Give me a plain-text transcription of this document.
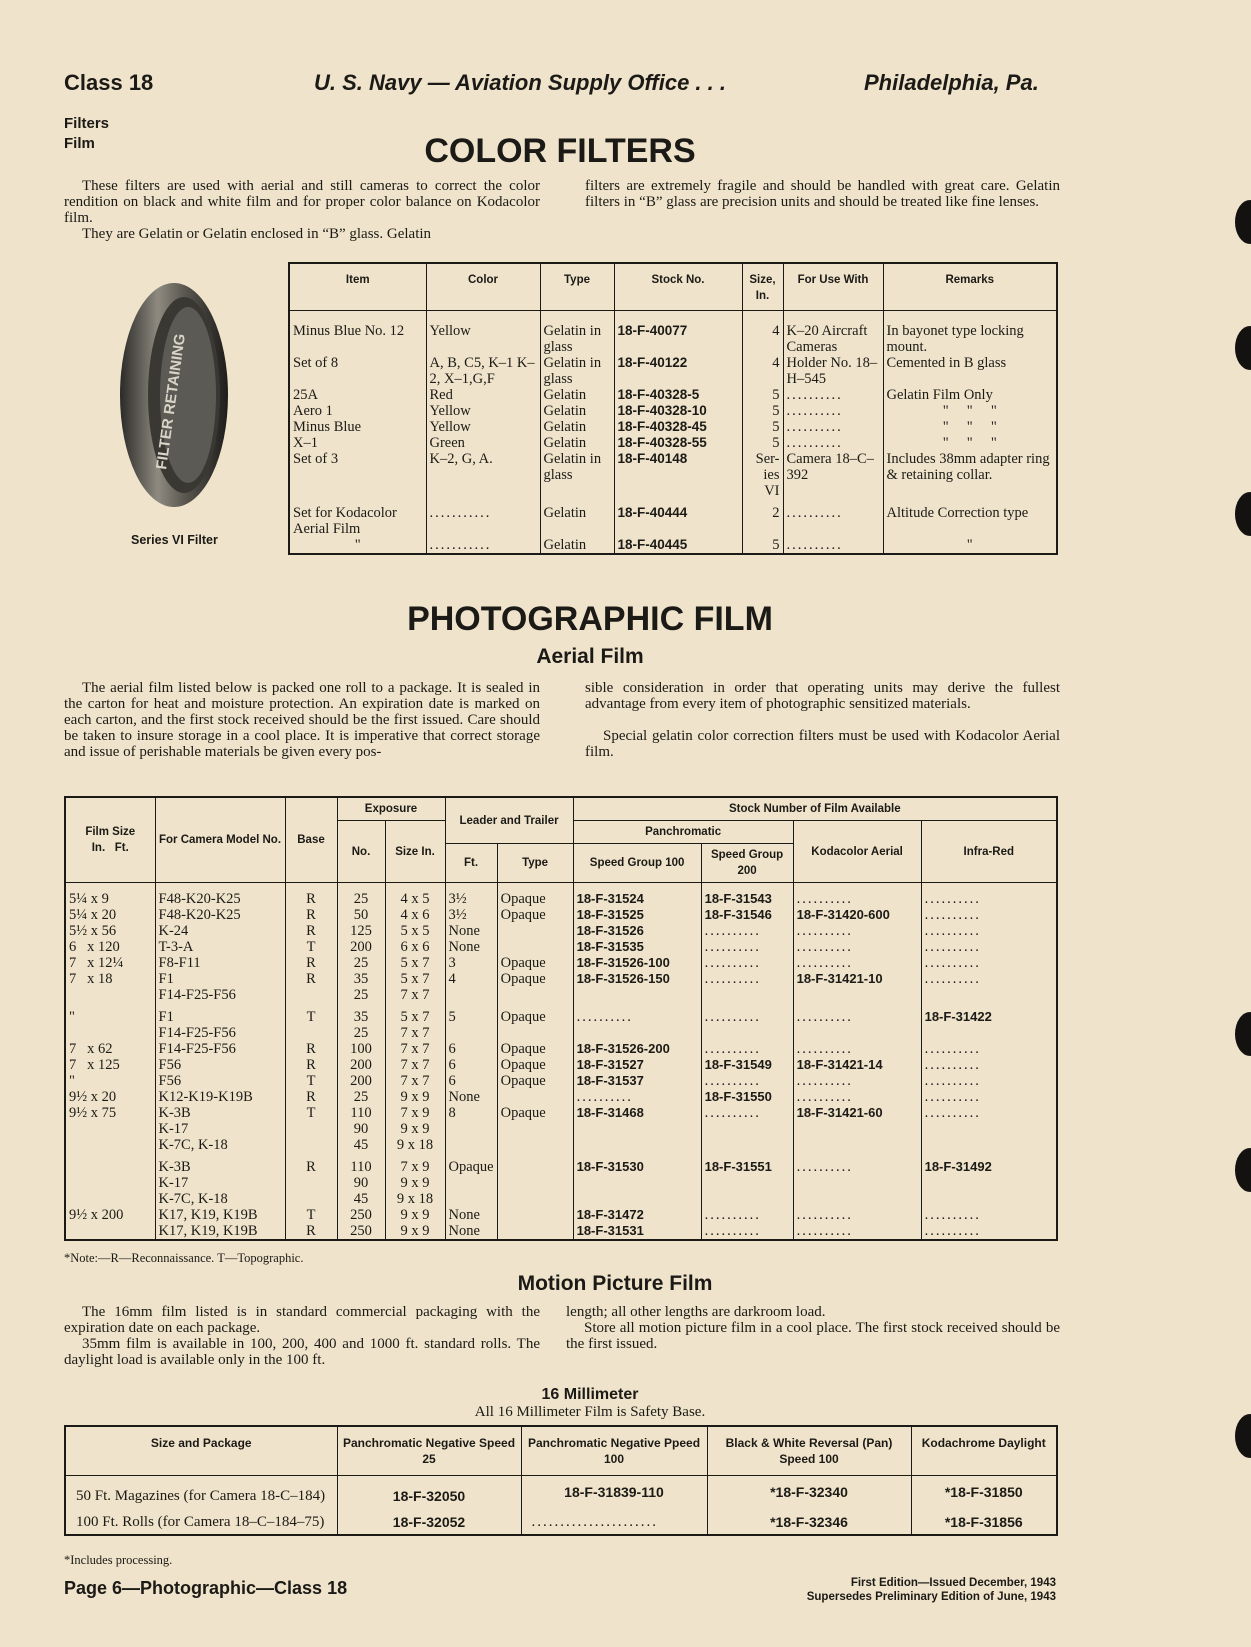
Class 18	U. S. Navy — Aviation Supply Office . . .	Philadelphia, Pa.
Filters
Film	COLOR FILTERS

These filters are used with aerial and still cameras to correct the color rendition on black and white film and for proper color balance on Kodacolor film.

They are Gelatin or Gelatin enclosed in “B” glass. Gelatin

filters are extremely fragile and should be handled with great care. Gelatin filters in “B” glass are precision units and should be treated like fine lenses.

FILTER RETAINING
Series VI Filter
Item	Color	Type	Stock No.	Size, In.	For Use With	Remarks
Minus Blue No. 12	Yellow	Gelatin in glass	18-F-40077	4	K–20 Aircraft Cameras	In bayonet type locking mount.
Set of 8	A, B, C5, K–1 K–2, X–1,G,F	Gelatin in glass	18-F-40122	4	Holder No. 18–H–545	Cemented in B glass
25A	Red	Gelatin	18-F-40328-5	5	..........	Gelatin Film Only
Aero 1	Yellow	Gelatin	18-F-40328-10	5	..........	"     "     "
Minus Blue	Yellow	Gelatin	18-F-40328-45	5	..........	"     "     "
X–1	Green	Gelatin	18-F-40328-55	5	..........	"     "     "
Set of 3	K–2, G, A.	Gelatin in glass	18-F-40148	Ser-ies VI	Camera 18–C–392	Includes 38mm adapter ring & retaining collar.
Set for Kodacolor Aerial Film	...........	Gelatin	18-F-40444	2	..........	Altitude Correction type
"	...........	Gelatin	18-F-40445	5	..........	"
PHOTOGRAPHIC FILM
Aerial Film

The aerial film listed below is packed one roll to a package. It is sealed in the carton for heat and moisture protection. An expiration date is marked on each carton, and the first stock received should be the first issued. Care should be taken to insure storage in a cool place. It is imperative that correct storage and issue of perishable materials be given every pos-

sible consideration in order that operating units may derive the fullest advantage from every item of photographic sensitized materials.

Special gelatin color correction filters must be used with Kodacolor Aerial film.

Film Size
In.   Ft.	For Camera Model No.	Base	Exposure		Leader and Trailer		Stock Number of Film Available			
			No.	Size In.			Panchromatic		Kodacolor Aerial	Infra-Red
					Ft.	Type	Speed Group 100	Speed Group 200		
5¼ x 9	F48-K20-K25	R	25	4 x 5	3½	Opaque	18-F-31524	18-F-31543	..........	..........
5¼ x 20	F48-K20-K25	R	50	4 x 6	3½	Opaque	18-F-31525	18-F-31546	18-F-31420-600	..........
5½ x 56	K-24	R	125	5 x 5	None		18-F-31526	..........	..........	..........
6   x 120	T-3-A	T	200	6 x 6	None		18-F-31535	..........	..........	..........
7   x 12¼	F8-F11	R	25	5 x 7	3	Opaque	18-F-31526-100	..........	..........	..........
7   x 18	F1	R	35	5 x 7	4	Opaque	18-F-31526-150	..........	18-F-31421-10	..........
	F14-F25-F56		25	7 x 7						
"	F1	T	35	5 x 7	5	Opaque	..........	..........	..........	18-F-31422
	F14-F25-F56		25	7 x 7						
7   x 62	F14-F25-F56	R	100	7 x 7	6	Opaque	18-F-31526-200	..........	..........	..........
7   x 125	F56	R	200	7 x 7	6	Opaque	18-F-31527	18-F-31549	18-F-31421-14	..........
"	F56	T	200	7 x 7	6	Opaque	18-F-31537	..........	..........	..........
9½ x 20	K12-K19-K19B	R	25	9 x 9	None		..........	18-F-31550	..........	..........
9½ x 75	K-3B	T	110	7 x 9	8	Opaque	18-F-31468	..........	18-F-31421-60	..........
	K-17		90	9 x 9						
	K-7C, K-18		45	9 x 18						
	K-3B	R	110	7 x 9	Opaque		18-F-31530	18-F-31551	..........	18-F-31492
	K-17		90	9 x 9						
	K-7C, K-18		45	9 x 18						
9½ x 200	K17, K19, K19B	T	250	9 x 9	None		18-F-31472	..........	..........	..........
	K17, K19, K19B	R	250	9 x 9	None		18-F-31531	..........	..........	..........
*Note:—R—Reconnaissance. T—Topographic.
Motion Picture Film

The 16mm film listed is in standard commercial packaging with the expiration date on each package.

35mm film is available in 100, 200, 400 and 1000 ft. standard rolls. The daylight load is available only in the 100 ft.

length; all other lengths are darkroom load.

Store all motion picture film in a cool place. The first stock received should be the first issued.

16 Millimeter
All 16 Millimeter Film is Safety Base.
Size and Package	Panchromatic Negative Speed 25	Panchromatic Negative Ppeed 100	Black & White Reversal (Pan) Speed 100	Kodachrome Daylight
50 Ft. Magazines (for Camera 18-C–184)	18-F-32050	18-F-31839-110	*18-F-32340	*18-F-31850
100 Ft. Rolls (for Camera 18–C–184–75)	18-F-32052	......................	*18-F-32346	*18-F-31856
*Includes processing.
Page 6—Photographic—Class 18	First Edition—Issued December, 1943
Supersedes Preliminary Edition of June, 1943
